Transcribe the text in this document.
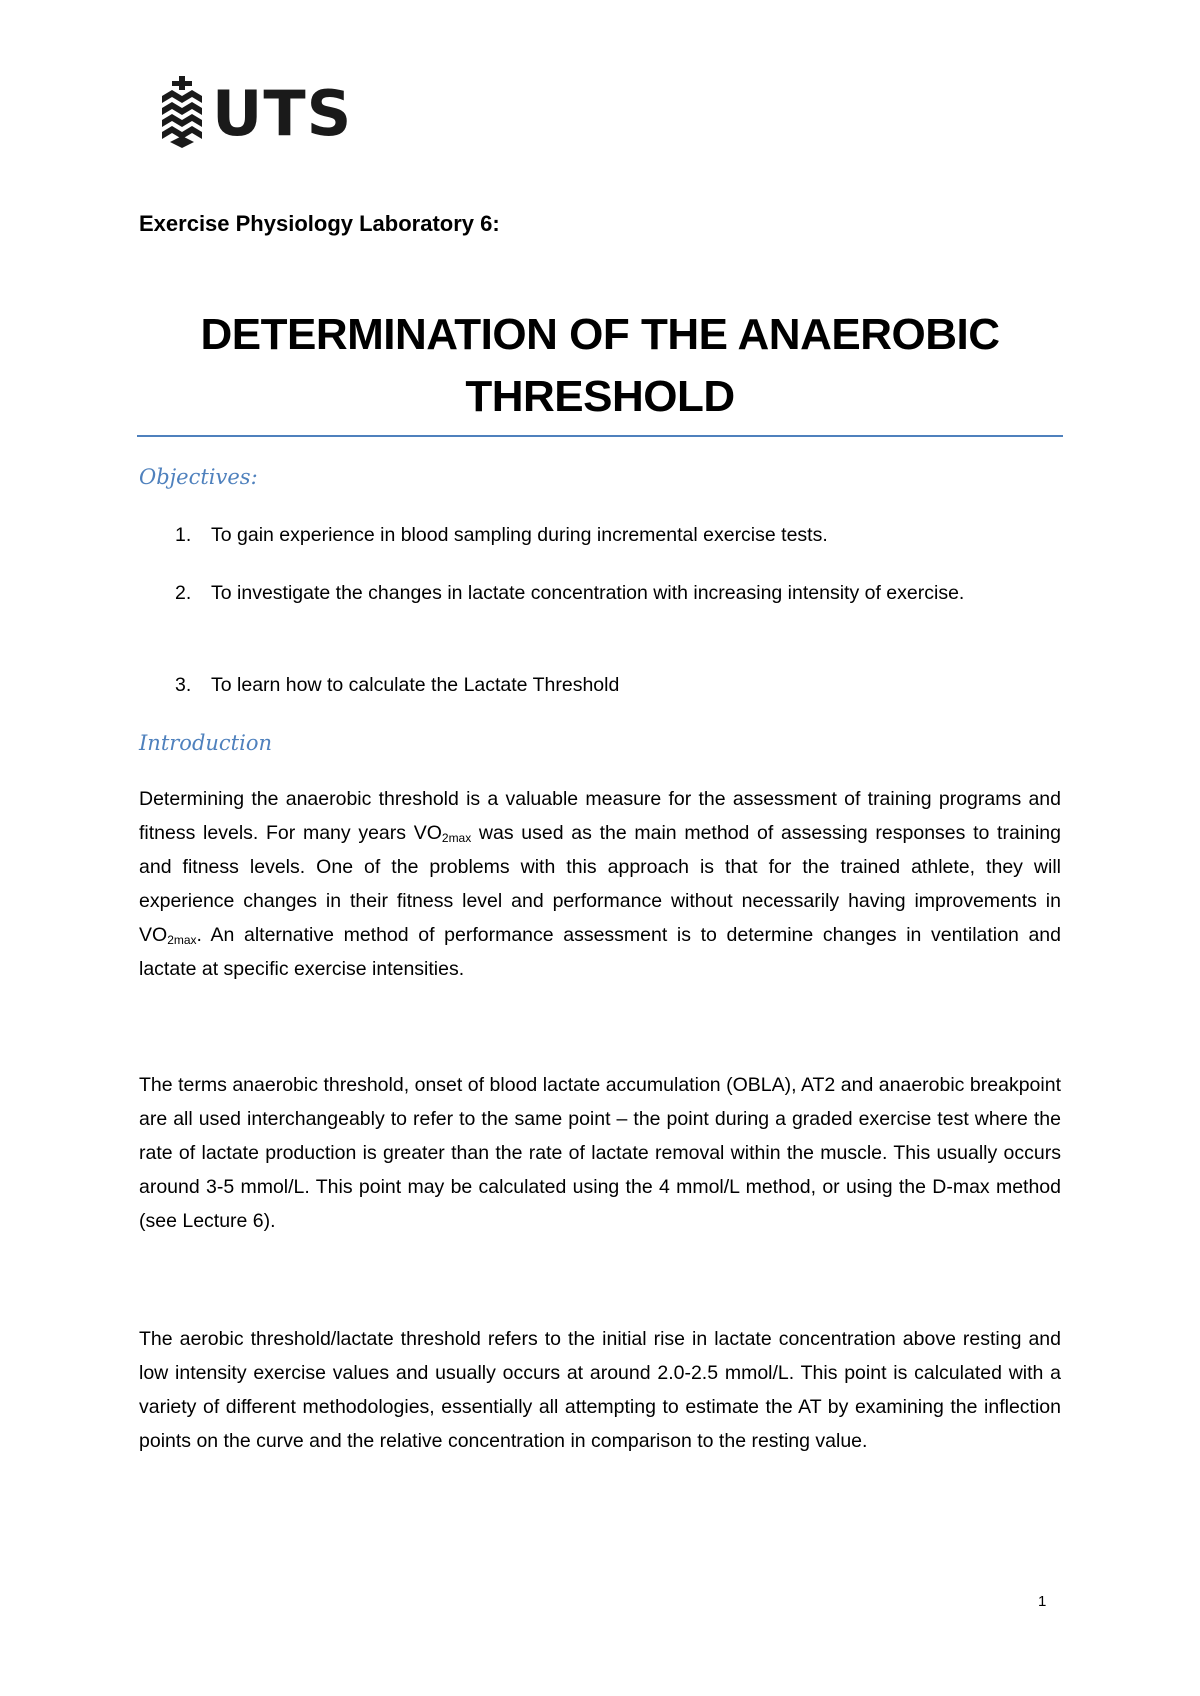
UTS
Exercise Physiology Laboratory 6:
DETERMINATION OF THE ANAEROBIC
THRESHOLD
Objectives:
1.	To gain experience in blood sampling during incremental exercise tests.
2.	To investigate the changes in lactate concentration with increasing intensity of exercise.
3.	To learn how to calculate the Lactate Threshold
Introduction

Determining the anaerobic threshold is a valuable measure for the assessment of training programs and fitness levels. For many years $VO_{2max}$ was used as the main method of assessing responses to training and fitness levels. One of the problems with this approach is that for the trained athlete, they will experience changes in their fitness level and performance without necessarily having improvements in $VO_{2max}$. An alternative method of performance assessment is to determine changes in ventilation and lactate at specific exercise intensities.

The terms anaerobic threshold, onset of blood lactate accumulation (OBLA), AT2 and anaerobic breakpoint are all used interchangeably to refer to the same point – the point during a graded exercise test where the rate of lactate production is greater than the rate of lactate removal within the muscle. This usually occurs around 3-5 mmol/L. This point may be calculated using the 4 mmol/L method, or using the D-max method (see Lecture 6).

The aerobic threshold/lactate threshold refers to the initial rise in lactate concentration above resting and low intensity exercise values and usually occurs at around 2.0-2.5 mmol/L. This point is calculated with a variety of different methodologies, essentially all attempting to estimate the AT by examining the inflection points on the curve and the relative concentration in comparison to the resting value.

1
